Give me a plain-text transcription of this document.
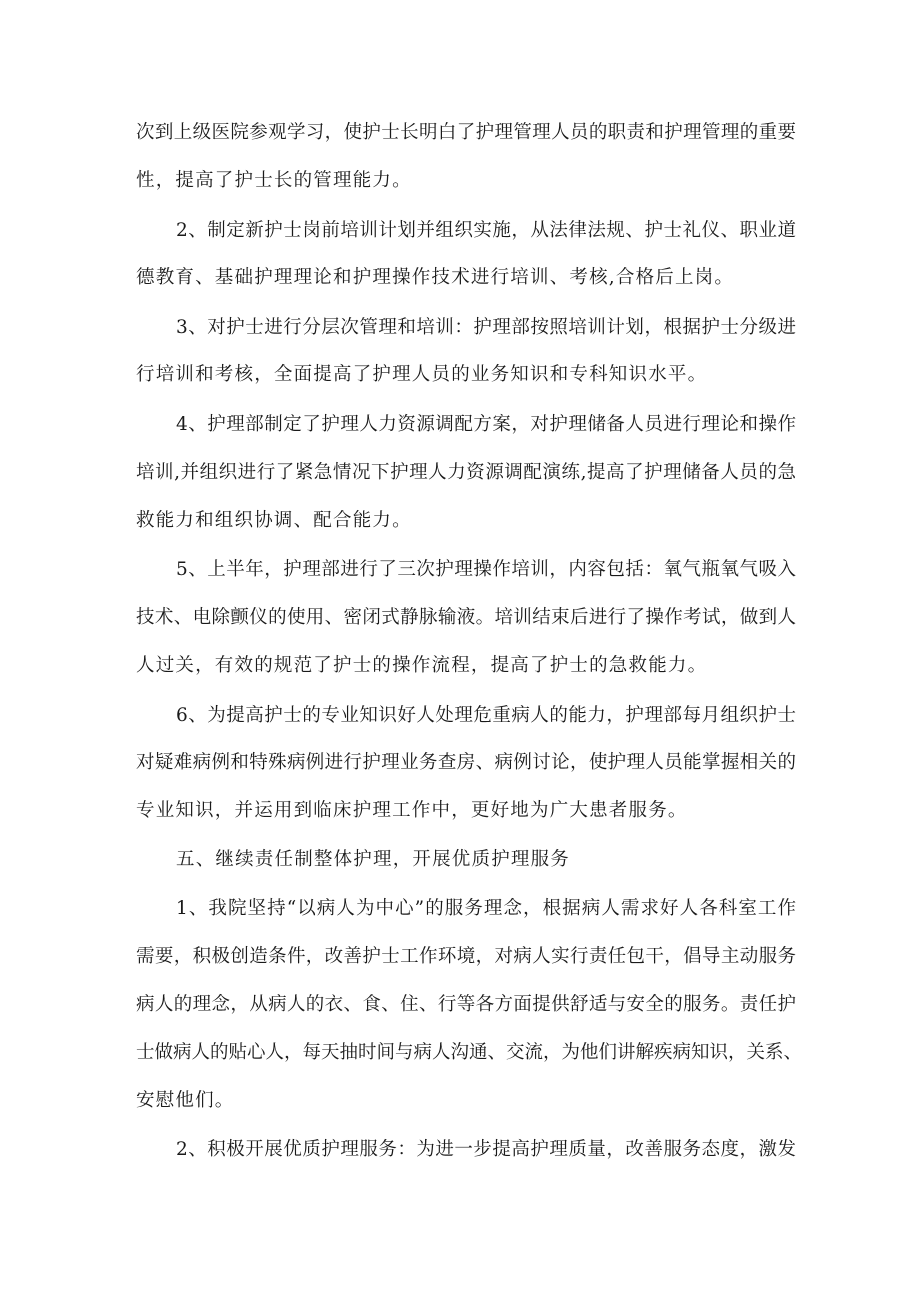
次到上级医院参观学习，使护士长明白了护理管理人员的职责和护理管理的重要
性，提高了护士长的管理能力。
2、制定新护士岗前培训计划并组织实施，从法律法规、护士礼仪、职业道
德教育、基础护理理论和护理操作技术进行培训、考核,合格后上岗。
3、对护士进行分层次管理和培训：护理部按照培训计划，根据护士分级进
行培训和考核，全面提高了护理人员的业务知识和专科知识水平。
4、护理部制定了护理人力资源调配方案，对护理储备人员进行理论和操作
培训,并组织进行了紧急情况下护理人力资源调配演练,提高了护理储备人员的急
救能力和组织协调、配合能力。
5、上半年，护理部进行了三次护理操作培训，内容包括：氧气瓶氧气吸入
技术、电除颤仪的使用、密闭式静脉输液。培训结束后进行了操作考试，做到人
人过关，有效的规范了护士的操作流程，提高了护士的急救能力。
6、为提高护士的专业知识好人处理危重病人的能力，护理部每月组织护士
对疑难病例和特殊病例进行护理业务查房、病例讨论，使护理人员能掌握相关的
专业知识，并运用到临床护理工作中，更好地为广大患者服务。
五、继续责任制整体护理，开展优质护理服务
1、我院坚持“以病人为中心”的服务理念，根据病人需求好人各科室工作
需要，积极创造条件，改善护士工作环境，对病人实行责任包干，倡导主动服务
病人的理念，从病人的衣、食、住、行等各方面提供舒适与安全的服务。责任护
士做病人的贴心人，每天抽时间与病人沟通、交流，为他们讲解疾病知识，关系、
安慰他们。
2、积极开展优质护理服务：为进一步提高护理质量，改善服务态度，激发
